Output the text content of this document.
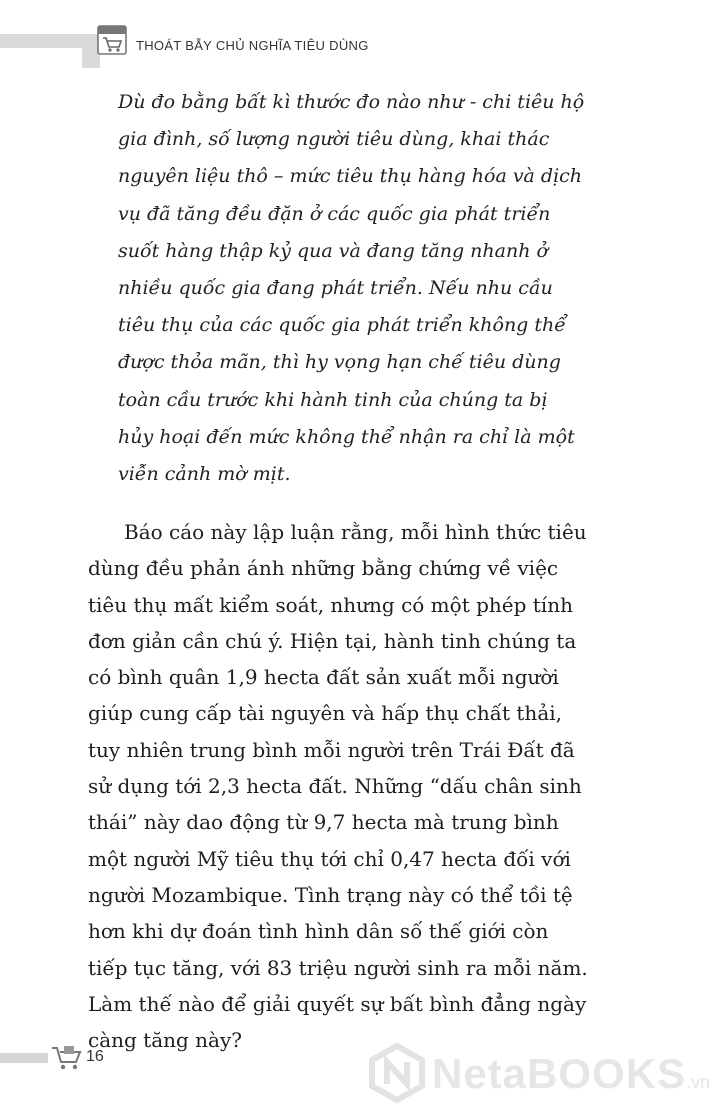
THOÁT BẪY CHỦ NGHĨA TIÊU DÙNG

Dù đo bằng bất kì thước đo nào như - chi tiêu hộ gia đình, số lượng người tiêu dùng, khai thác nguyên liệu thô – mức tiêu thụ hàng hóa và dịch vụ đã tăng đều đặn ở các quốc gia phát triển suốt hàng thập kỷ qua và đang tăng nhanh ở nhiều quốc gia đang phát triển. Nếu nhu cầu tiêu thụ của các quốc gia phát triển không thể được thỏa mãn, thì hy vọng hạn chế tiêu dùng toàn cầu trước khi hành tinh của chúng ta bị hủy hoại đến mức không thể nhận ra chỉ là một viễn cảnh mờ mịt.

Báo cáo này lập luận rằng, mỗi hình thức tiêu dùng đều phản ánh những bằng chứng về việc tiêu thụ mất kiểm soát, nhưng có một phép tính đơn giản cần chú ý. Hiện tại, hành tinh chúng ta có bình quân 1,9 hecta đất sản xuất mỗi người giúp cung cấp tài nguyên và hấp thụ chất thải, tuy nhiên trung bình mỗi người trên Trái Đất đã sử dụng tới 2,3 hecta đất. Những “dấu chân sinh thái” này dao động từ 9,7 hecta mà trung bình một người Mỹ tiêu thụ tới chỉ 0,47 hecta đối với người Mozambique. Tình trạng này có thể tồi tệ hơn khi dự đoán tình hình dân số thế giới còn tiếp tục tăng, với 83 triệu người sinh ra mỗi năm. Làm thế nào để giải quyết sự bất bình đẳng ngày càng tăng này?

16	NetaBOOKS.vn
